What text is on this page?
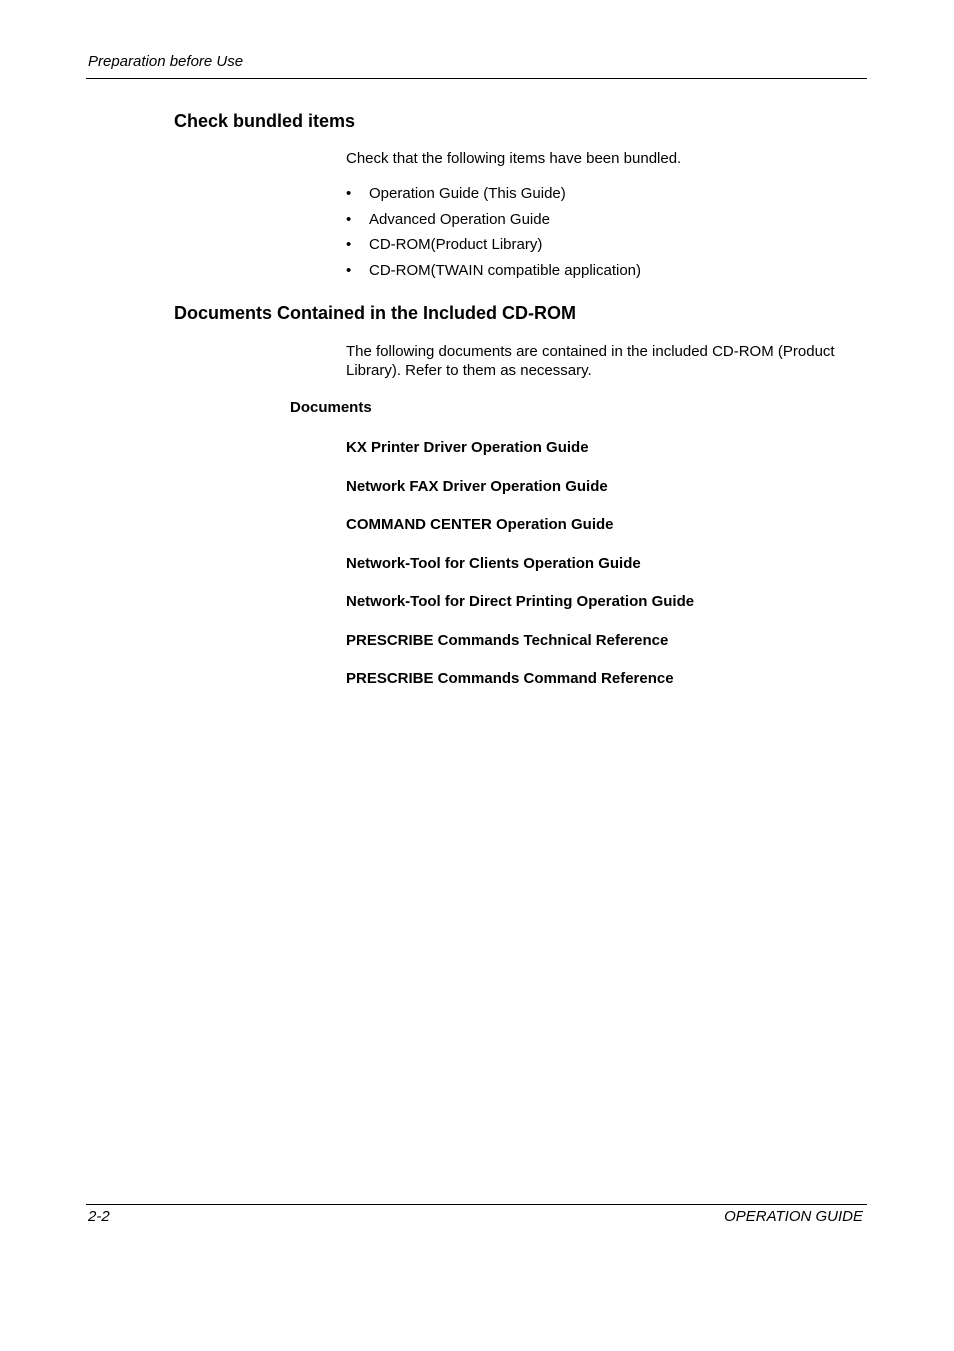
Preparation before Use
Check bundled items

Check that the following items have been bundled.

• Operation Guide (This Guide)
• Advanced Operation Guide
• CD-ROM(Product Library)
• CD-ROM(TWAIN compatible application)
Documents Contained in the Included CD-ROM

The following documents are contained in the included CD-ROM (Product Library). Refer to them as necessary.

Documents
KX Printer Driver Operation Guide
Network FAX Driver Operation Guide
COMMAND CENTER Operation Guide
Network-Tool for Clients Operation Guide
Network-Tool for Direct Printing Operation Guide
PRESCRIBE Commands Technical Reference
PRESCRIBE Commands Command Reference
2-2	OPERATION GUIDE
